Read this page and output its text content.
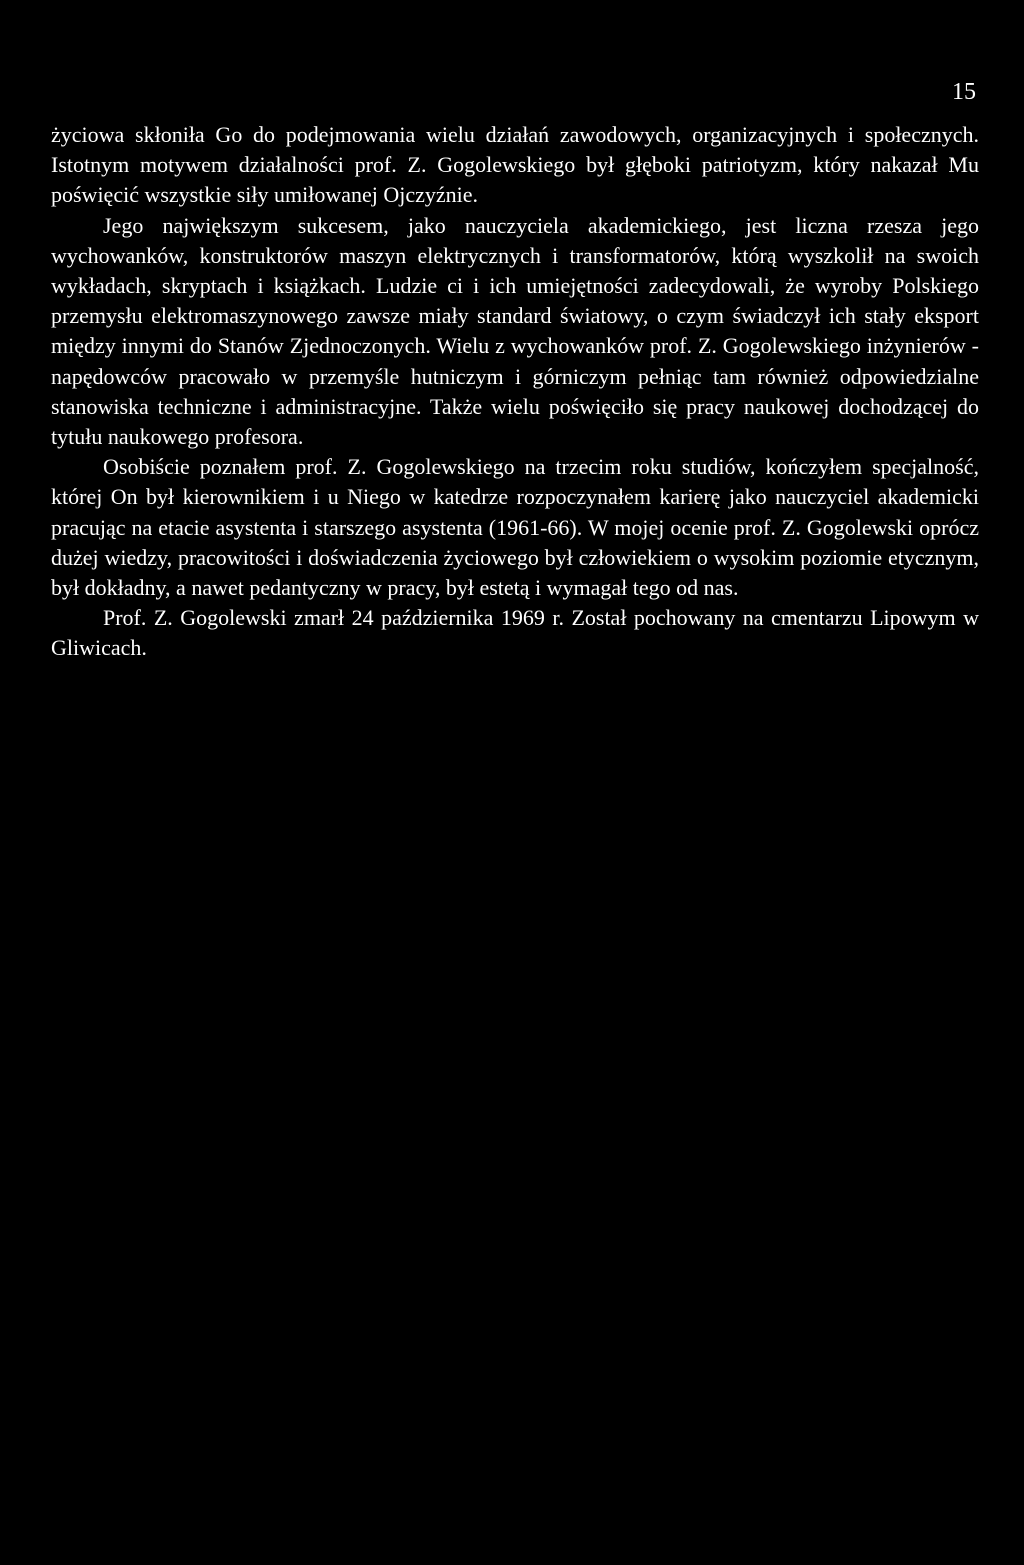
15

życiowa skłoniła Go do podejmowania wielu działań zawodowych, organizacyjnych i społecznych. Istotnym motywem działalności prof. Z. Gogolewskiego był głęboki patriotyzm, który nakazał Mu poświęcić wszystkie siły umiłowanej Ojczyźnie.

Jego największym sukcesem, jako nauczyciela akademickiego, jest liczna rzesza jego wychowanków, konstruktorów maszyn elektrycznych i transformatorów, którą wyszkolił na swoich wykładach, skryptach i książkach. Ludzie ci i ich umiejętności zadecydowali, że wyroby Polskiego przemysłu elektromaszynowego zawsze miały standard światowy, o czym świadczył ich stały eksport między innymi do Stanów Zjednoczonych. Wielu z wychowanków prof. Z. Gogolewskiego inżynierów - napędowców pracowało w przemyśle hutniczym i górniczym pełniąc tam również odpowiedzialne stanowiska techniczne i administracyjne. Także wielu poświęciło się pracy naukowej dochodzącej do tytułu naukowego profesora.

Osobiście poznałem prof. Z. Gogolewskiego na trzecim roku studiów, kończyłem specjalność, której On był kierownikiem i u Niego w katedrze rozpoczynałem karierę jako nauczyciel akademicki pracując na etacie asystenta i starszego asystenta (1961-66). W mojej ocenie prof. Z. Gogolewski oprócz dużej wiedzy, pracowitości i doświadczenia życiowego był człowiekiem o wysokim poziomie etycznym, był dokładny, a nawet pedantyczny w pracy, był estetą i wymagał tego od nas.

Prof. Z. Gogolewski zmarł 24 października 1969 r. Został pochowany na cmentarzu Lipowym w Gliwicach.
